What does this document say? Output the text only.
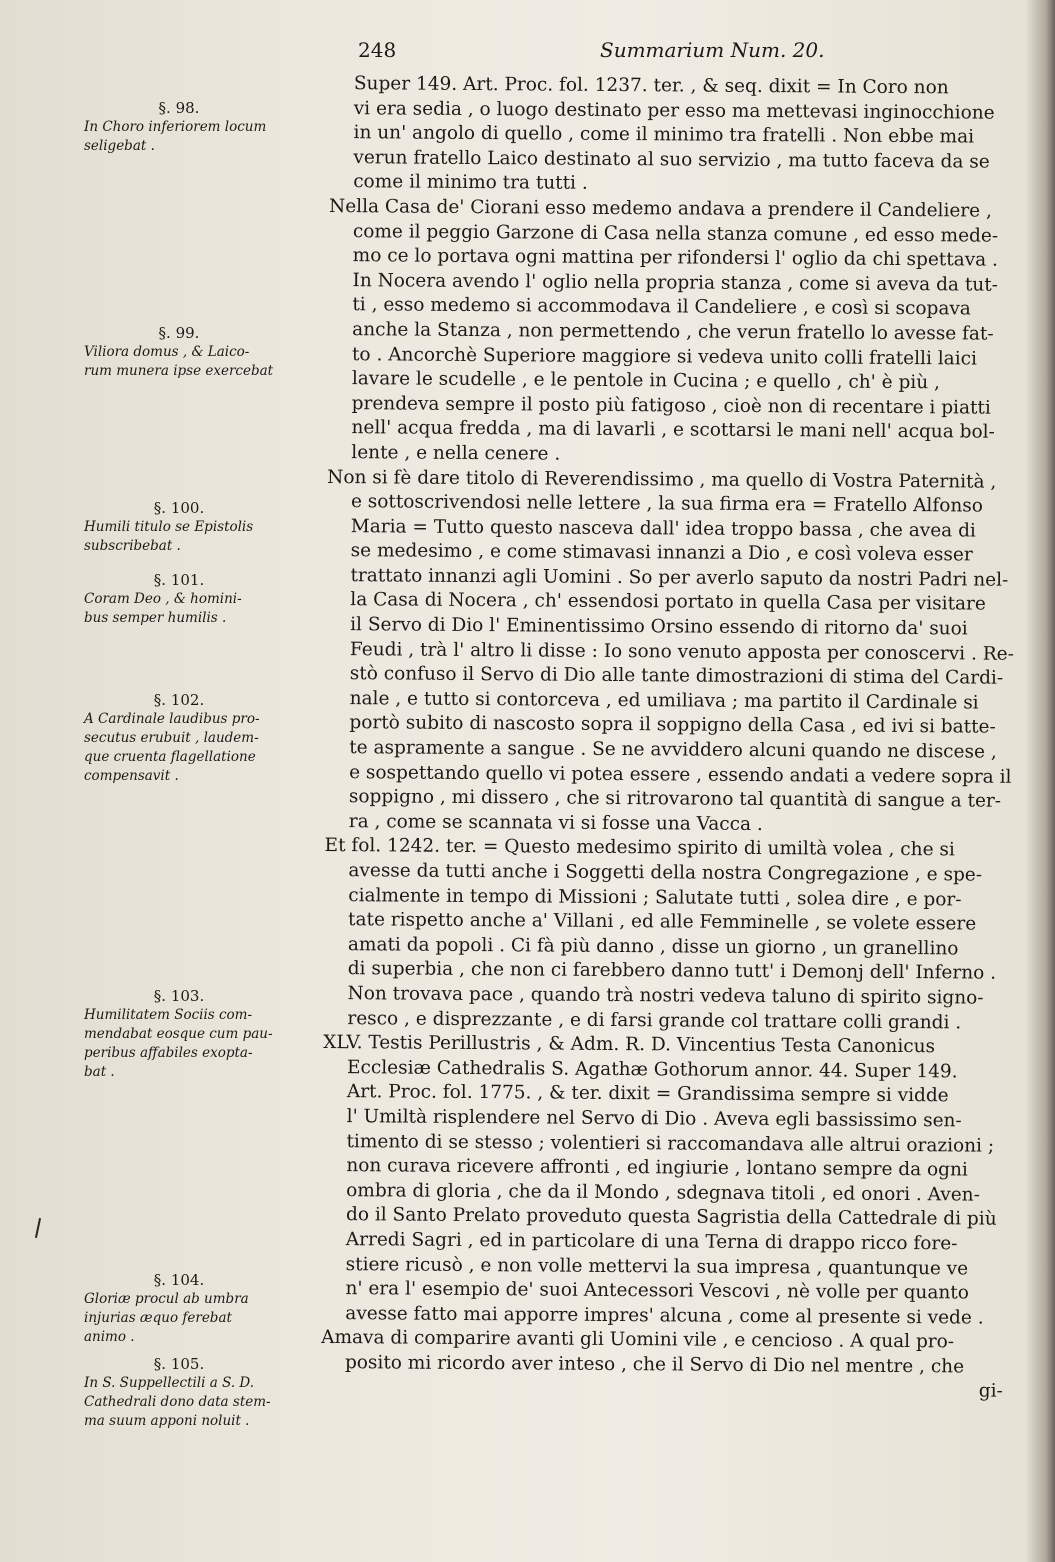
248	Summarium Num. 20.
§. 98.
In Choro inferiorem locum
seligebat .
§. 99.
Viliora domus , & Laico-
rum munera ipse exercebat
§. 100.
Humili titulo se Epistolis
subscribebat .
§. 101.
Coram Deo , & homini-
bus semper humilis .
§. 102.
A Cardinale laudibus pro-
secutus erubuit , laudem-
que cruenta flagellatione
compensavit .
§. 103.
Humilitatem Sociis com-
mendabat eosque cum pau-
peribus affabiles exopta-
bat .
§. 104.
Gloriæ procul ab umbra
injurias æquo ferebat
animo .
§. 105.
In S. Suppellectili a S. D.
Cathedrali dono data stem-
ma suum apponi noluit .
Super 149. Art. Proc. fol. 1237. ter. , & seq. dixit = In Coro non
vi era sedia , o luogo destinato per esso ma mettevasi inginocchione
in un' angolo di quello , come il minimo tra fratelli . Non ebbe mai
verun fratello Laico destinato al suo servizio , ma tutto faceva da se
come il minimo tra tutti .
Nella Casa de' Ciorani esso medemo andava a prendere il Candeliere ,
come il peggio Garzone di Casa nella stanza comune , ed esso mede-
mo ce lo portava ogni mattina per rifondersi l' oglio da chi spettava .
In Nocera avendo l' oglio nella propria stanza , come si aveva da tut-
ti , esso medemo si accommodava il Candeliere , e così si scopava
anche la Stanza , non permettendo , che verun fratello lo avesse fat-
to . Ancorchè Superiore maggiore si vedeva unito colli fratelli laici
lavare le scudelle , e le pentole in Cucina ; e quello , ch' è più ,
prendeva sempre il posto più fatigoso , cioè non di recentare i piatti
nell' acqua fredda , ma di lavarli , e scottarsi le mani nell' acqua bol-
lente , e nella cenere .
Non si fè dare titolo di Reverendissimo , ma quello di Vostra Paternità ,
e sottoscrivendosi nelle lettere , la sua firma era = Fratello Alfonso
Maria = Tutto questo nasceva dall' idea troppo bassa , che avea di
se medesimo , e come stimavasi innanzi a Dio , e così voleva esser
trattato innanzi agli Uomini . So per averlo saputo da nostri Padri nel-
la Casa di Nocera , ch' essendosi portato in quella Casa per visitare
il Servo di Dio l' Eminentissimo Orsino essendo di ritorno da' suoi
Feudi , trà l' altro li disse : Io sono venuto apposta per conoscervi . Re-
stò confuso il Servo di Dio alle tante dimostrazioni di stima del Cardi-
nale , e tutto si contorceva , ed umiliava ; ma partito il Cardinale si
portò subito di nascosto sopra il soppigno della Casa , ed ivi si batte-
te aspramente a sangue . Se ne avviddero alcuni quando ne discese ,
e sospettando quello vi potea essere , essendo andati a vedere sopra il
soppigno , mi dissero , che si ritrovarono tal quantità di sangue a ter-
ra , come se scannata vi si fosse una Vacca .
Et fol. 1242. ter. = Questo medesimo spirito di umiltà volea , che si
avesse da tutti anche i Soggetti della nostra Congregazione , e spe-
cialmente in tempo di Missioni ; Salutate tutti , solea dire , e por-
tate rispetto anche a' Villani , ed alle Femminelle , se volete essere
amati da popoli . Ci fà più danno , disse un giorno , un granellino
di superbia , che non ci farebbero danno tutt' i Demonj dell' Inferno .
Non trovava pace , quando trà nostri vedeva taluno di spirito signo-
resco , e disprezzante , e di farsi grande col trattare colli grandi .
XLV. Testis Perillustris , & Adm. R. D. Vincentius Testa Canonicus
Ecclesiæ Cathedralis S. Agathæ Gothorum annor. 44. Super 149.
Art. Proc. fol. 1775. , & ter. dixit = Grandissima sempre si vidde
l' Umiltà risplendere nel Servo di Dio . Aveva egli bassissimo sen-
timento di se stesso ; volentieri si raccomandava alle altrui orazioni ;
non curava ricevere affronti , ed ingiurie , lontano sempre da ogni
ombra di gloria , che da il Mondo , sdegnava titoli , ed onori . Aven-
do il Santo Prelato proveduto questa Sagristia della Cattedrale di più
Arredi Sagri , ed in particolare di una Terna di drappo ricco fore-
stiere ricusò , e non volle mettervi la sua impresa , quantunque ve
n' era l' esempio de' suoi Antecessori Vescovi , nè volle per quanto
avesse fatto mai apporre impres' alcuna , come al presente si vede .
Amava di comparire avanti gli Uomini vile , e cencioso . A qual pro-
posito mi ricordo aver inteso , che il Servo di Dio nel mentre , che
gi-
